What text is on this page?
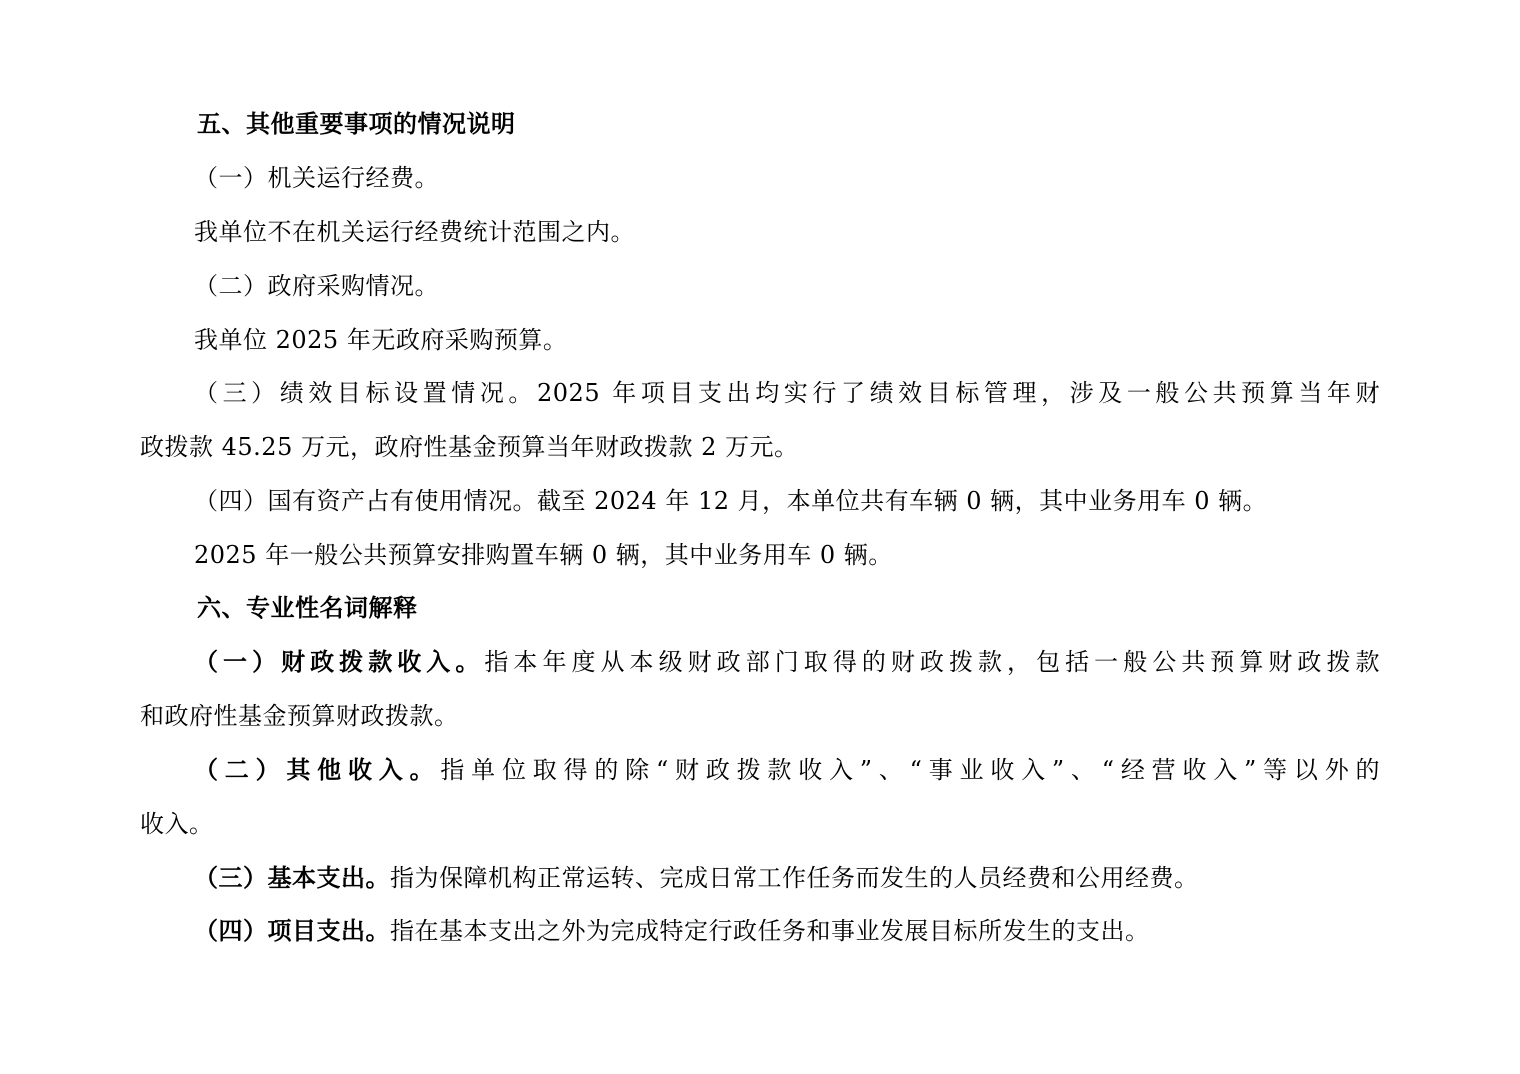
五、其他重要事项的情况说明
（一）机关运行经费。
我单位不在机关运行经费统计范围之内。
（二）政府采购情况。
我单位 2025 年无政府采购预算。
（三）绩效目标设置情况。2025 年项目支出均实行了绩效目标管理，涉及一般公共预算当年财
政拨款 45.25 万元，政府性基金预算当年财政拨款 2 万元。
（四）国有资产占有使用情况。截至 2024 年 12 月，本单位共有车辆 0 辆，其中业务用车 0 辆。
2025 年一般公共预算安排购置车辆 0 辆，其中业务用车 0 辆。
六、专业性名词解释
（一）财政拨款收入。指本年度从本级财政部门取得的财政拨款，包括一般公共预算财政拨款
和政府性基金预算财政拨款。
（二）其他收入。指单位取得的除“财政拨款收入”、“事业收入”、“经营收入”等以外的
收入。
（三）基本支出。指为保障机构正常运转、完成日常工作任务而发生的人员经费和公用经费。
（四）项目支出。指在基本支出之外为完成特定行政任务和事业发展目标所发生的支出。
